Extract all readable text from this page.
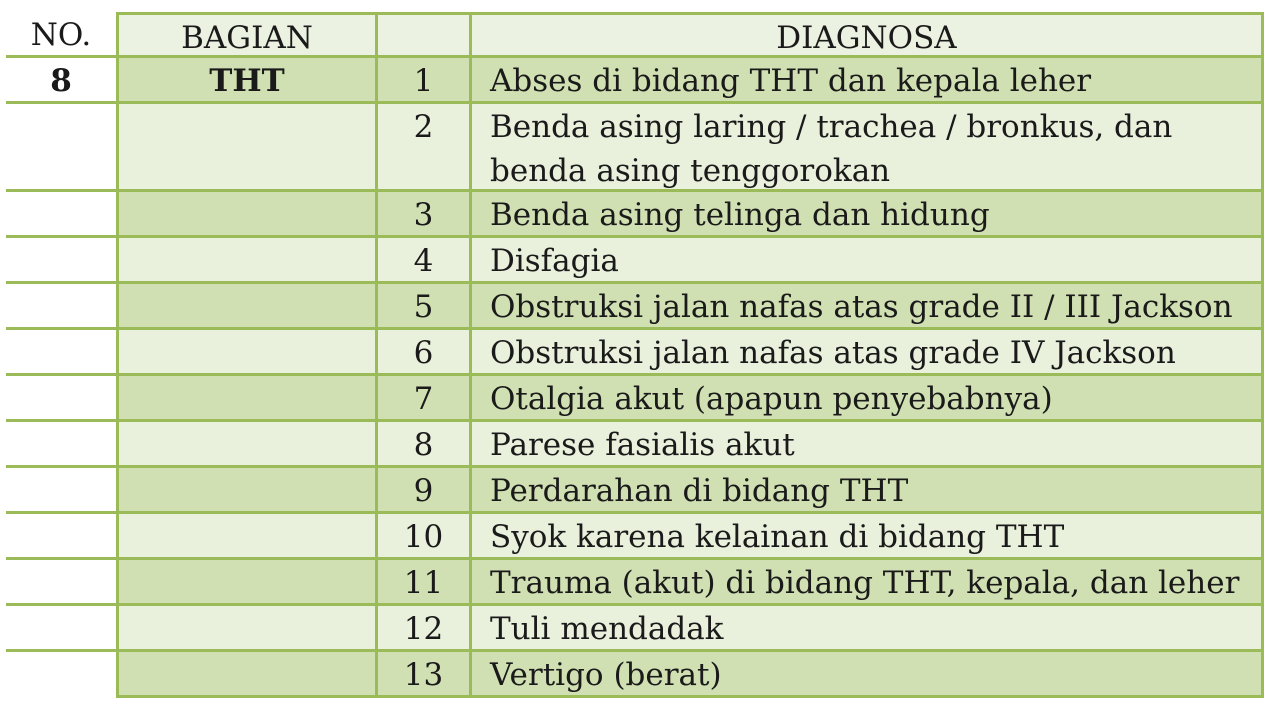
NO.	BAGIAN	DIAGNOSA
8	THT	1	Abses di bidang THT dan kepala leher
2	Benda asing laring / trachea / bronkus, dan benda asing tenggorokan
3	Benda asing telinga dan hidung
4	Disfagia
5	Obstruksi jalan nafas atas grade II / III Jackson
6	Obstruksi jalan nafas atas grade IV Jackson
7	Otalgia akut (apapun penyebabnya)
8	Parese fasialis akut
9	Perdarahan di bidang THT
10	Syok karena kelainan di bidang THT
11	Trauma (akut) di bidang THT, kepala, dan leher
12	Tuli mendadak
13	Vertigo (berat)
